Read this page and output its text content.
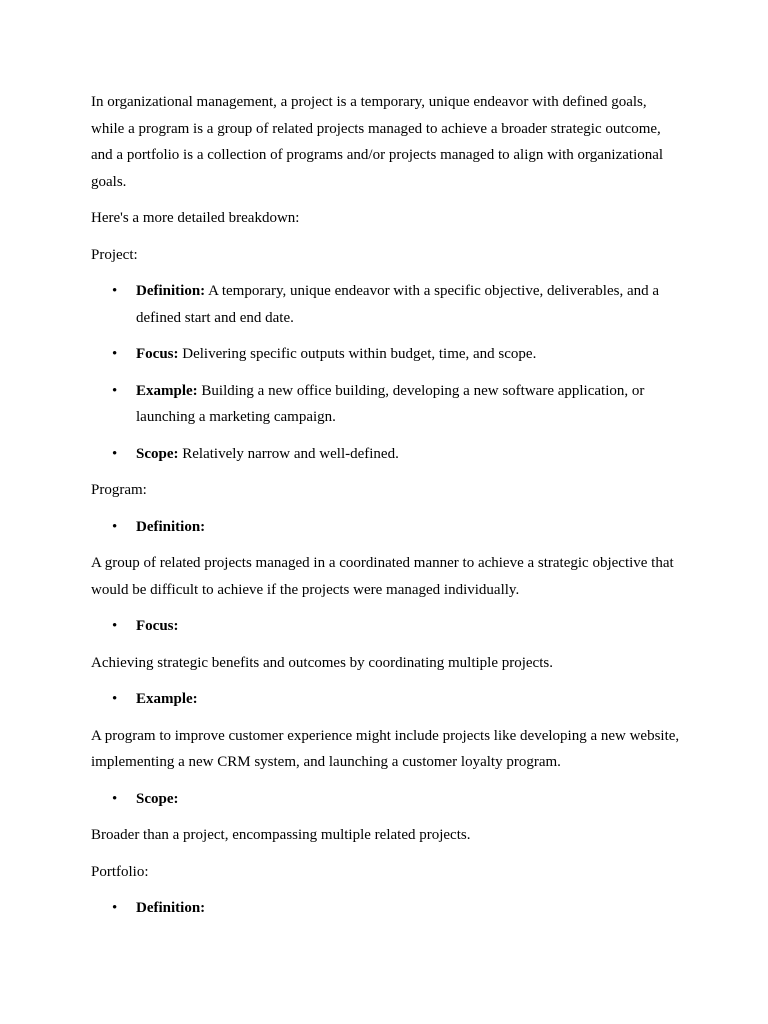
In organizational management, a project is a temporary, unique endeavor with defined goals, while a program is a group of related projects managed to achieve a broader strategic outcome, and a portfolio is a collection of programs and/or projects managed to align with organizational goals.

Here's a more detailed breakdown:

Project:

• Definition: A temporary, unique endeavor with a specific objective, deliverables, and a defined start and end date.
• Focus: Delivering specific outputs within budget, time, and scope.
• Example: Building a new office building, developing a new software application, or launching a marketing campaign.
• Scope: Relatively narrow and well-defined.

Program:

• Definition:

A group of related projects managed in a coordinated manner to achieve a strategic objective that would be difficult to achieve if the projects were managed individually.

• Focus:

Achieving strategic benefits and outcomes by coordinating multiple projects.

• Example:

A program to improve customer experience might include projects like developing a new website, implementing a new CRM system, and launching a customer loyalty program.

• Scope:

Broader than a project, encompassing multiple related projects.

Portfolio:

• Definition:
